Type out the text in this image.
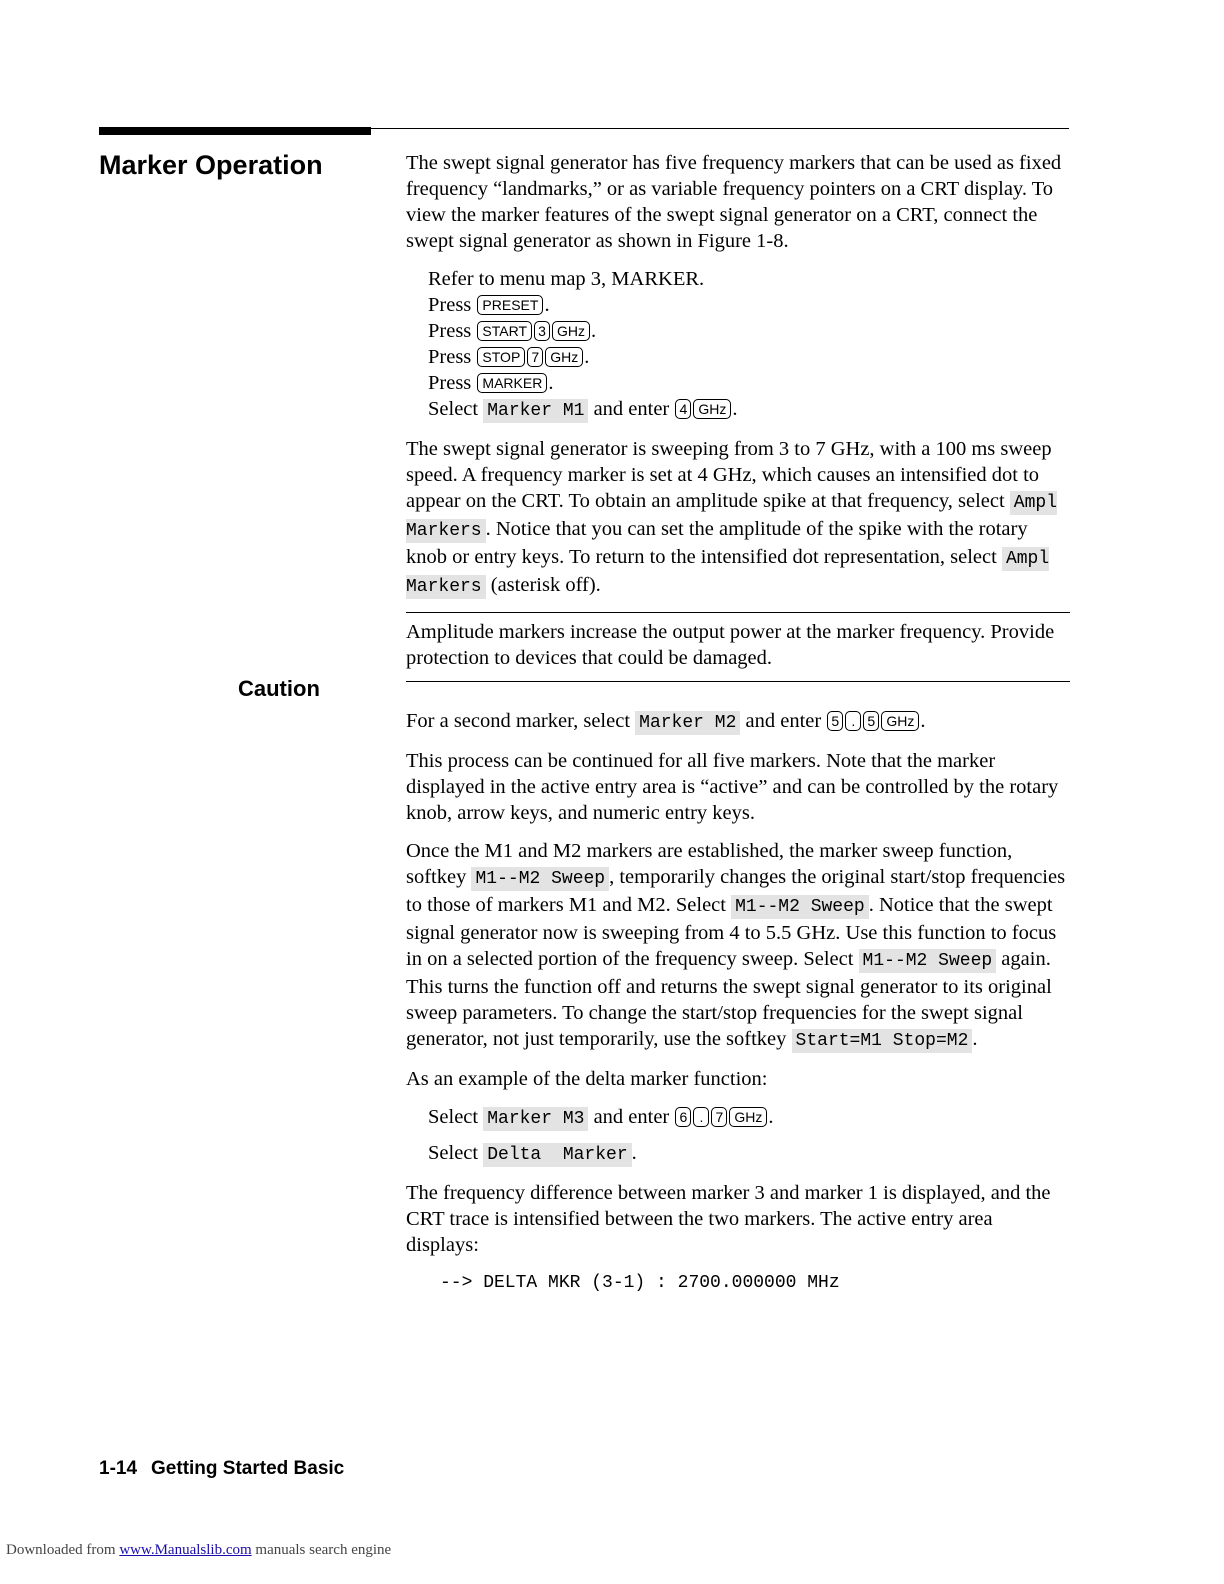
Marker Operation
Caution

The swept signal generator has five frequency markers that can be used as fixed frequency “landmarks,” or as variable frequency pointers on a CRT display. To view the marker features of the swept signal generator on a CRT, connect the swept signal generator as shown in Figure 1-8.

Refer to menu map 3, MARKER.
Press PRESET .
Press START 3 GHz .
Press STOP 7 GHz .
Press MARKER .
Select Marker M1 and enter 4 GHz .

The swept signal generator is sweeping from 3 to 7 GHz, with a 100 ms sweep speed. A frequency marker is set at 4 GHz, which causes an intensified dot to appear on the CRT. To obtain an amplitude spike at that frequency, select Ampl Markers . Notice that you can set the amplitude of the spike with the rotary knob or entry keys. To return to the intensified dot representation, select Ampl Markers (asterisk off).

Amplitude markers increase the output power at the marker frequency. Provide protection to devices that could be damaged.

For a second marker, select Marker M2 and enter 5 . 5 GHz .

This process can be continued for all five markers. Note that the marker displayed in the active entry area is “active” and can be controlled by the rotary knob, arrow keys, and numeric entry keys.

Once the M1 and M2 markers are established, the marker sweep function, softkey M1--M2 Sweep , temporarily changes the original start/stop frequencies to those of markers M1 and M2. Select M1--M2 Sweep . Notice that the swept signal generator now is sweeping from 4 to 5.5 GHz. Use this function to focus in on a selected portion of the frequency sweep. Select M1--M2 Sweep again. This turns the function off and returns the swept signal generator to its original sweep parameters. To change the start/stop frequencies for the swept signal generator, not just temporarily, use the softkey Start=M1 Stop=M2 .

As an example of the delta marker function:

Select Marker M3 and enter 6 . 7 GHz .
Select Delta  Marker .

The frequency difference between marker 3 and marker 1 is displayed, and the CRT trace is intensified between the two markers. The active entry area displays:

--> DELTA MKR (3-1) : 2700.000000 MHz

1-14 Getting Started Basic

Downloaded from www.Manualslib.com manuals search engine
